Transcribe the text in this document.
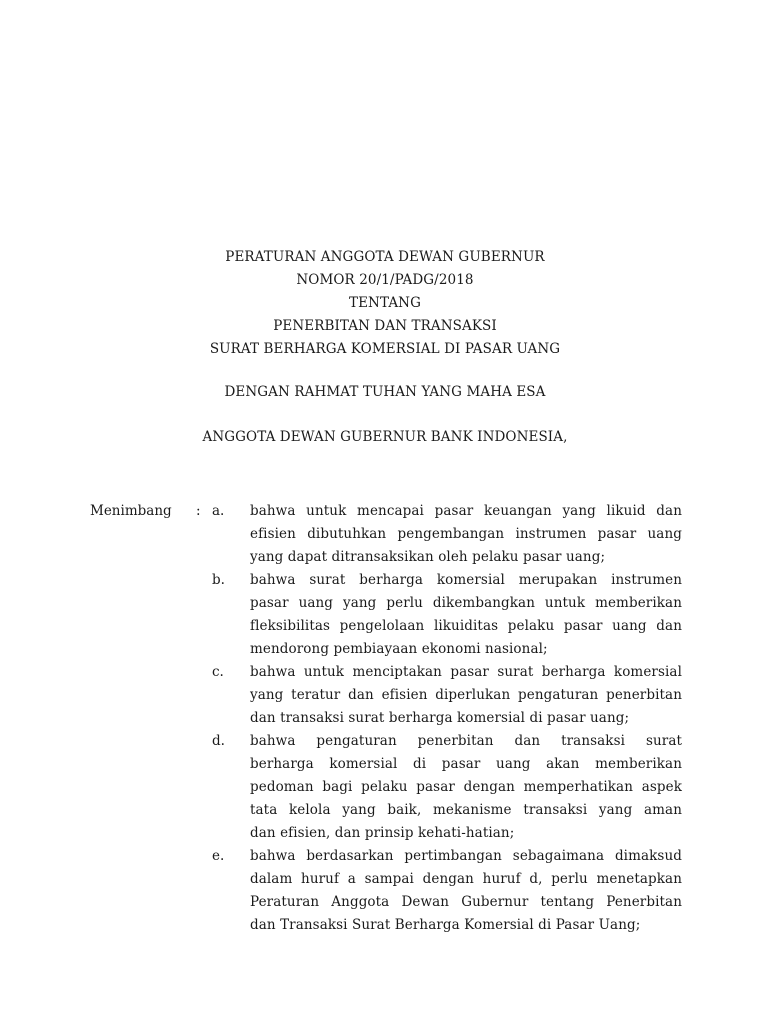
PERATURAN ANGGOTA DEWAN GUBERNUR
NOMOR 20/1/PADG/2018
TENTANG
PENERBITAN DAN TRANSAKSI
SURAT BERHARGA KOMERSIAL DI PASAR UANG
DENGAN RAHMAT TUHAN YANG MAHA ESA
ANGGOTA DEWAN GUBERNUR BANK INDONESIA,
Menimbang : a. bahwa untuk mencapai pasar keuangan yang likuid dan
efisien dibutuhkan pengembangan instrumen pasar uang
yang dapat ditransaksikan oleh pelaku pasar uang;
b. bahwa surat berharga komersial merupakan instrumen
pasar uang yang perlu dikembangkan untuk memberikan
fleksibilitas pengelolaan likuiditas pelaku pasar uang dan
mendorong pembiayaan ekonomi nasional;
c. bahwa untuk menciptakan pasar surat berharga komersial
yang teratur dan efisien diperlukan pengaturan penerbitan
dan transaksi surat berharga komersial di pasar uang;
d. bahwa pengaturan penerbitan dan transaksi surat
berharga komersial di pasar uang akan memberikan
pedoman bagi pelaku pasar dengan memperhatikan aspek
tata kelola yang baik, mekanisme transaksi yang aman
dan efisien, dan prinsip kehati-hatian;
e. bahwa berdasarkan pertimbangan sebagaimana dimaksud
dalam huruf a sampai dengan huruf d, perlu menetapkan
Peraturan Anggota Dewan Gubernur tentang Penerbitan
dan Transaksi Surat Berharga Komersial di Pasar Uang;
